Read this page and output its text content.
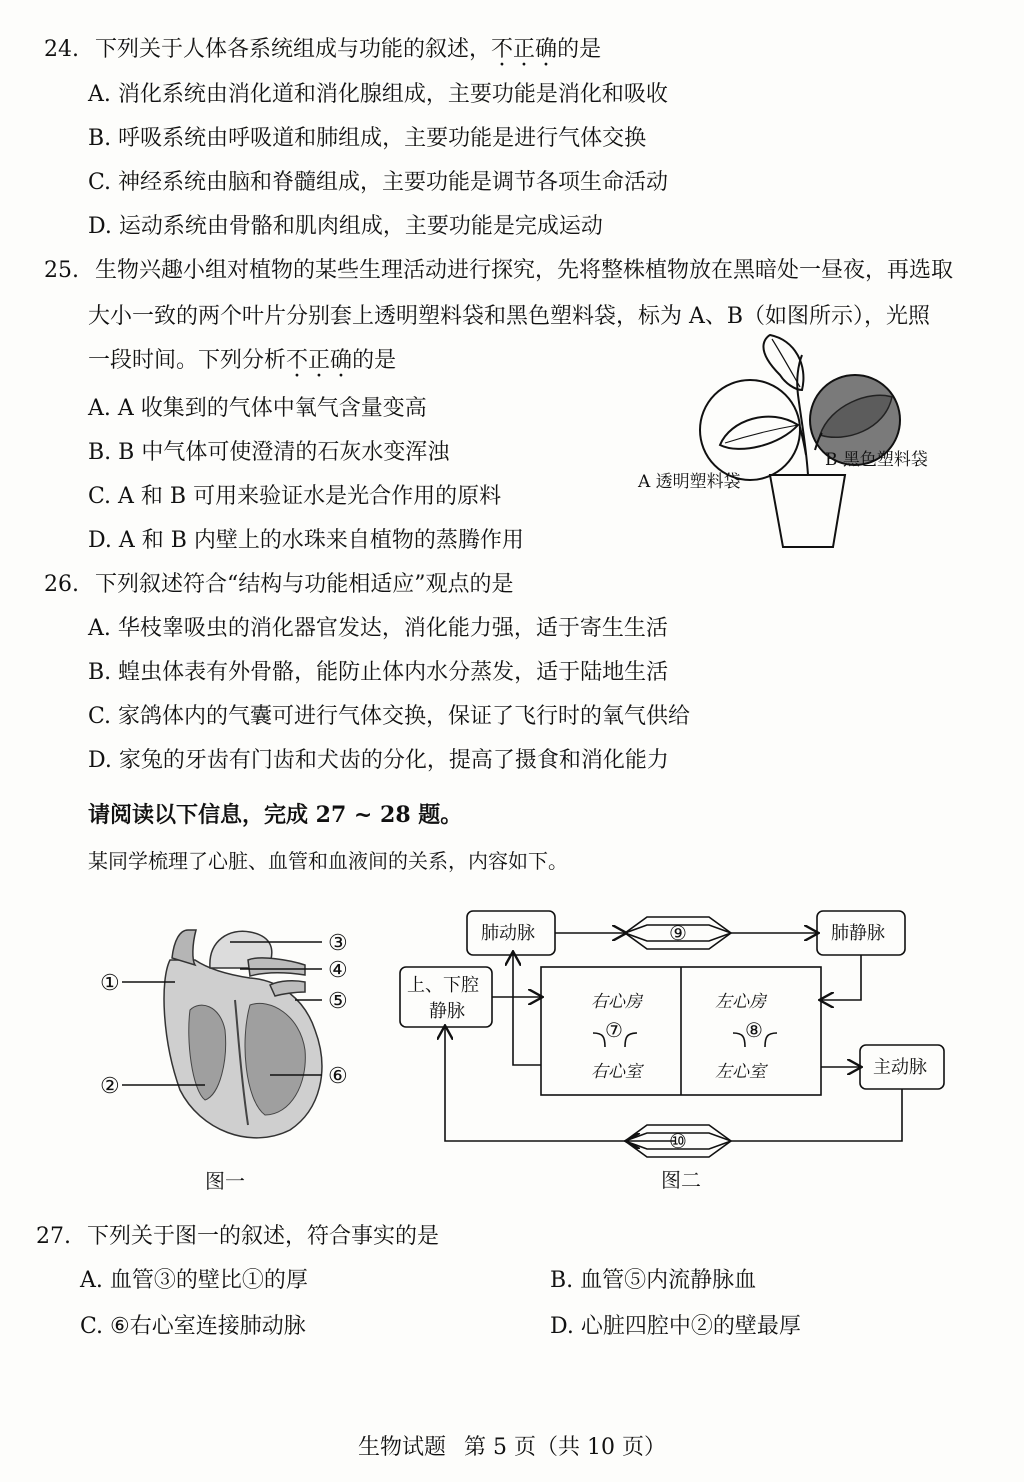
24. 下列关于人体各系统组成与功能的叙述，不正确的是
A. 消化系统由消化道和消化腺组成，主要功能是消化和吸收
B. 呼吸系统由呼吸道和肺组成，主要功能是进行气体交换
C. 神经系统由脑和脊髓组成，主要功能是调节各项生命活动
D. 运动系统由骨骼和肌肉组成，主要功能是完成运动
25. 生物兴趣小组对植物的某些生理活动进行探究，先将整株植物放在黑暗处一昼夜，再选取
大小一致的两个叶片分别套上透明塑料袋和黑色塑料袋，标为 A、B（如图所示），光照
一段时间。下列分析不正确的是
A. A 收集到的气体中氧气含量变高
B. B 中气体可使澄清的石灰水变浑浊
C. A 和 B 可用来验证水是光合作用的原料
D. A 和 B 内壁上的水珠来自植物的蒸腾作用
B 黑色塑料袋
A 透明塑料袋
26. 下列叙述符合“结构与功能相适应”观点的是
A. 华枝睾吸虫的消化器官发达，消化能力强，适于寄生生活
B. 蝗虫体表有外骨骼，能防止体内水分蒸发，适于陆地生活
C. 家鸽体内的气囊可进行气体交换，保证了飞行时的氧气供给
D. 家兔的牙齿有门齿和犬齿的分化，提高了摄食和消化能力
请阅读以下信息，完成 27 ~ 28 题。
某同学梳理了心脏、血管和血液间的关系，内容如下。
③
④
⑤
⑥
①
②
图一
肺动脉	肺静脉
上、下腔
静脉
主动脉
右心房	左心房
右心室	左心室
⑦	⑧
⑨
⑩
图二
27. 下列关于图一的叙述，符合事实的是
A. 血管③的壁比①的厚	B. 血管⑤内流静脉血
C. ⑥右心室连接肺动脉	D. 心脏四腔中②的壁最厚
生物试题 第 5 页（共 10 页）
